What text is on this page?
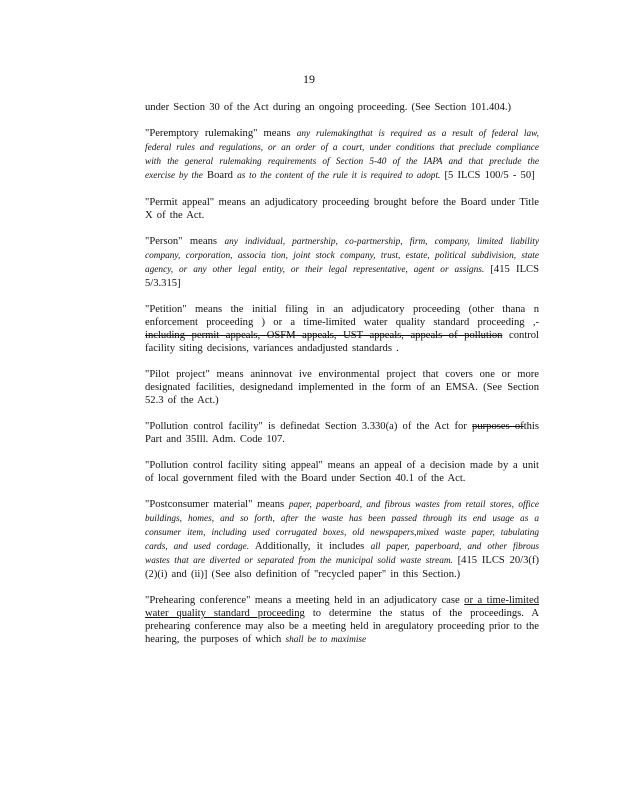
19

under Section 30 of the Act during an ongoing proceeding. (See Section 101.404.)

"Peremptory rulemaking" means any rulemakingthat is required as a result of federal law, federal rules and regulations, or an order of a court, under conditions that preclude compliance with the general rulemaking requirements of Section 5-40 of the IAPA and that preclude the exercise by the Board as to the content of the rule it is required to adopt. [5 ILCS 100/5 - 50]

"Permit appeal" means an adjudicatory proceeding brought before the Board under Title X of the Act.

"Person" means any individual, partnership, co-partnership, firm, company, limited liability company, corporation, associa tion, joint stock company, trust, estate, political subdivision, state agency, or any other legal entity, or their legal representative, agent or assigns. [415 ILCS 5/3.315]

"Petition" means the initial filing in an adjudicatory proceeding (other thana n enforcement proceeding ) or a time-limited water quality standard proceeding ,- including permit appeals, OSFM appeals, UST appeals, appeals of pollution control facility siting decisions, variances andadjusted standards .

"Pilot project" means aninnovat ive environmental project that covers one or more designated facilities, designedand implemented in the form of an EMSA. (See Section 52.3 of the Act.)

"Pollution control facility" is definedat Section 3.330(a) of the Act for purposes ofthis Part and 35Ill. Adm. Code 107.

"Pollution control facility siting appeal" means an appeal of a decision made by a unit of local government filed with the Board under Section 40.1 of the Act.

"Postconsumer material" means paper, paperboard, and fibrous wastes from retail stores, office buildings, homes, and so forth, after the waste has been passed through its end usage as a consumer item, including used corrugated boxes, old newspapers,mixed waste paper, tabulating cards, and used cordage. Additionally, it includes all paper, paperboard, and other fibrous wastes that are diverted or separated from the municipal solid waste stream. [415 ILCS 20/3(f)(2)(i) and (ii)] (See also definition of "recycled paper" in this Section.)

"Prehearing conference" means a meeting held in an adjudicatory case or a time-limited water quality standard proceeding to determine the status of the proceedings. A prehearing conference may also be a meeting held in aregulatory proceeding prior to the hearing, the purposes of which shall be to maximise
